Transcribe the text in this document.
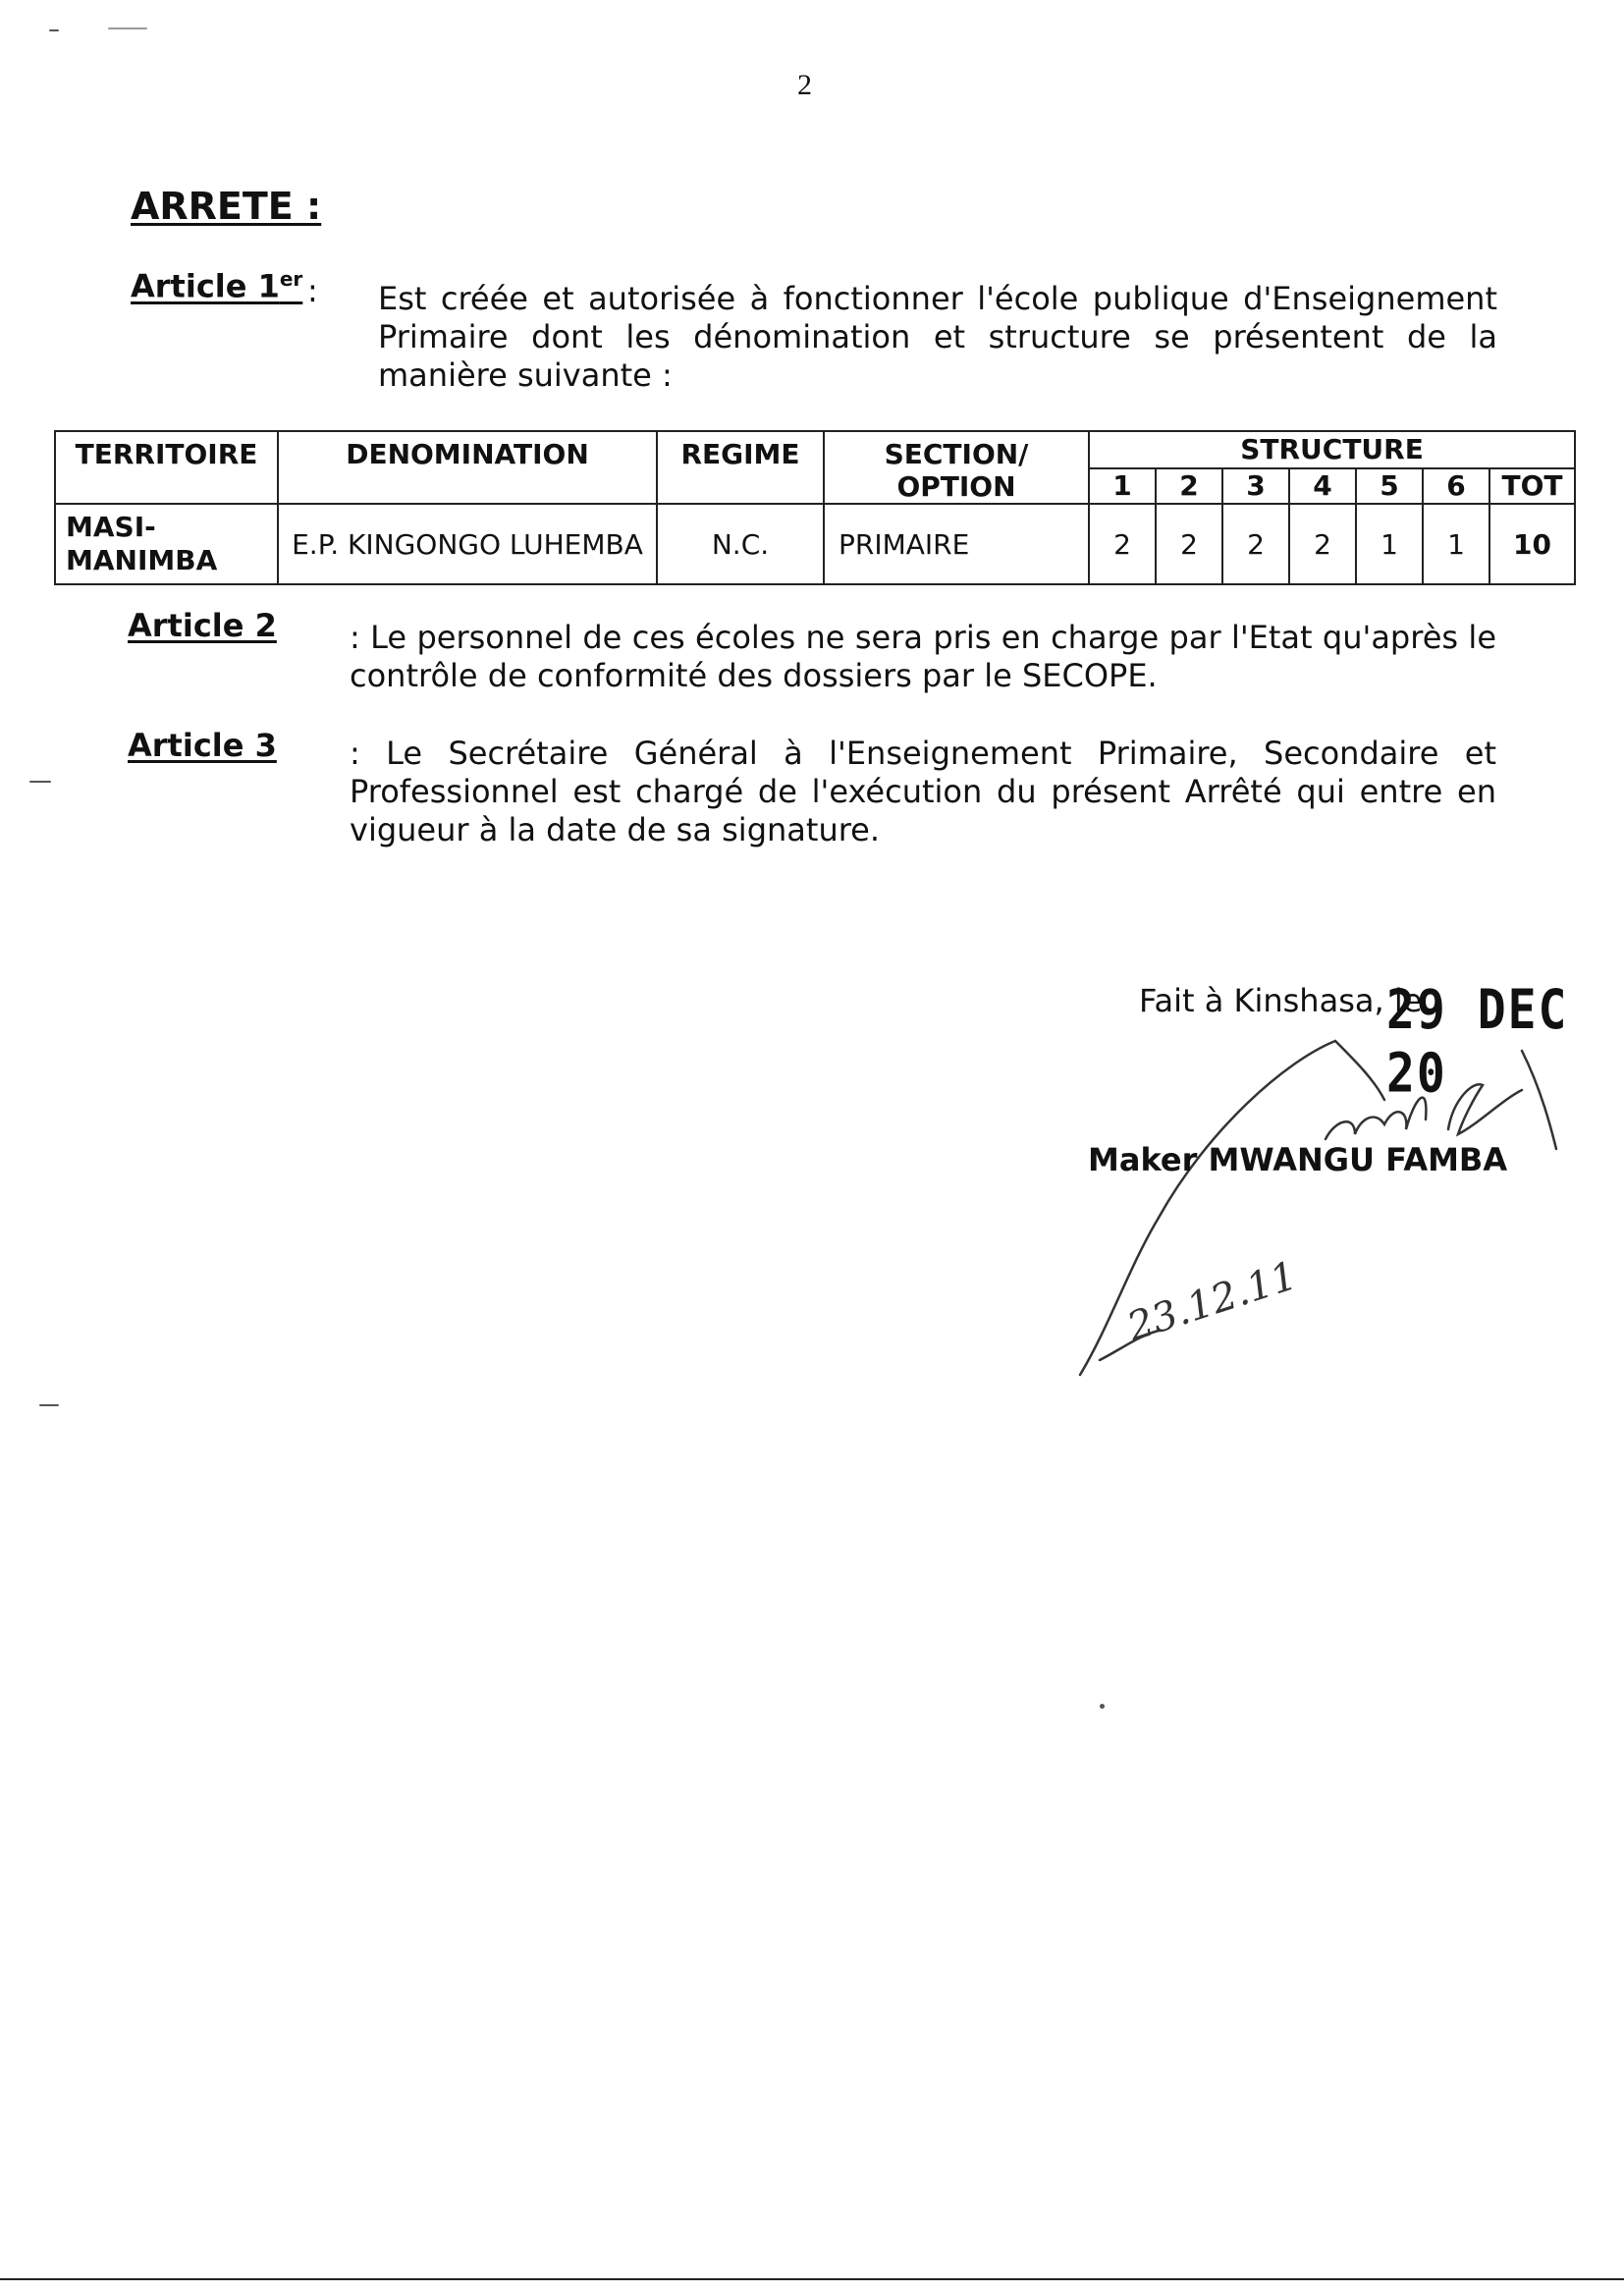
2
ARRETE :
Article 1er : Est créée et autorisée à fonctionner l'école publique d'Enseignement Primaire dont les dénomination et structure se présentent de la manière suivante :
TERRITOIRE	DENOMINATION	REGIME	SECTION/ OPTION	STRUCTURE						
				1	2	3	4	5	6	TOT
MASI-MANIMBA	E.P. KINGONGO LUHEMBA	N.C.	PRIMAIRE	2	2	2	2	1	1	10
Article 2 : Le personnel de ces écoles ne sera pris en charge par l'Etat qu'après le contrôle de conformité des dossiers par le SECOPE.
Article 3 : Le Secrétaire Général à l'Enseignement Primaire, Secondaire et Professionnel est chargé de l'exécution du présent Arrêté qui entre en vigueur à la date de sa signature.
Fait à Kinshasa, le
29 DEC 20
Maker MWANGU FAMBA
23.12.11
